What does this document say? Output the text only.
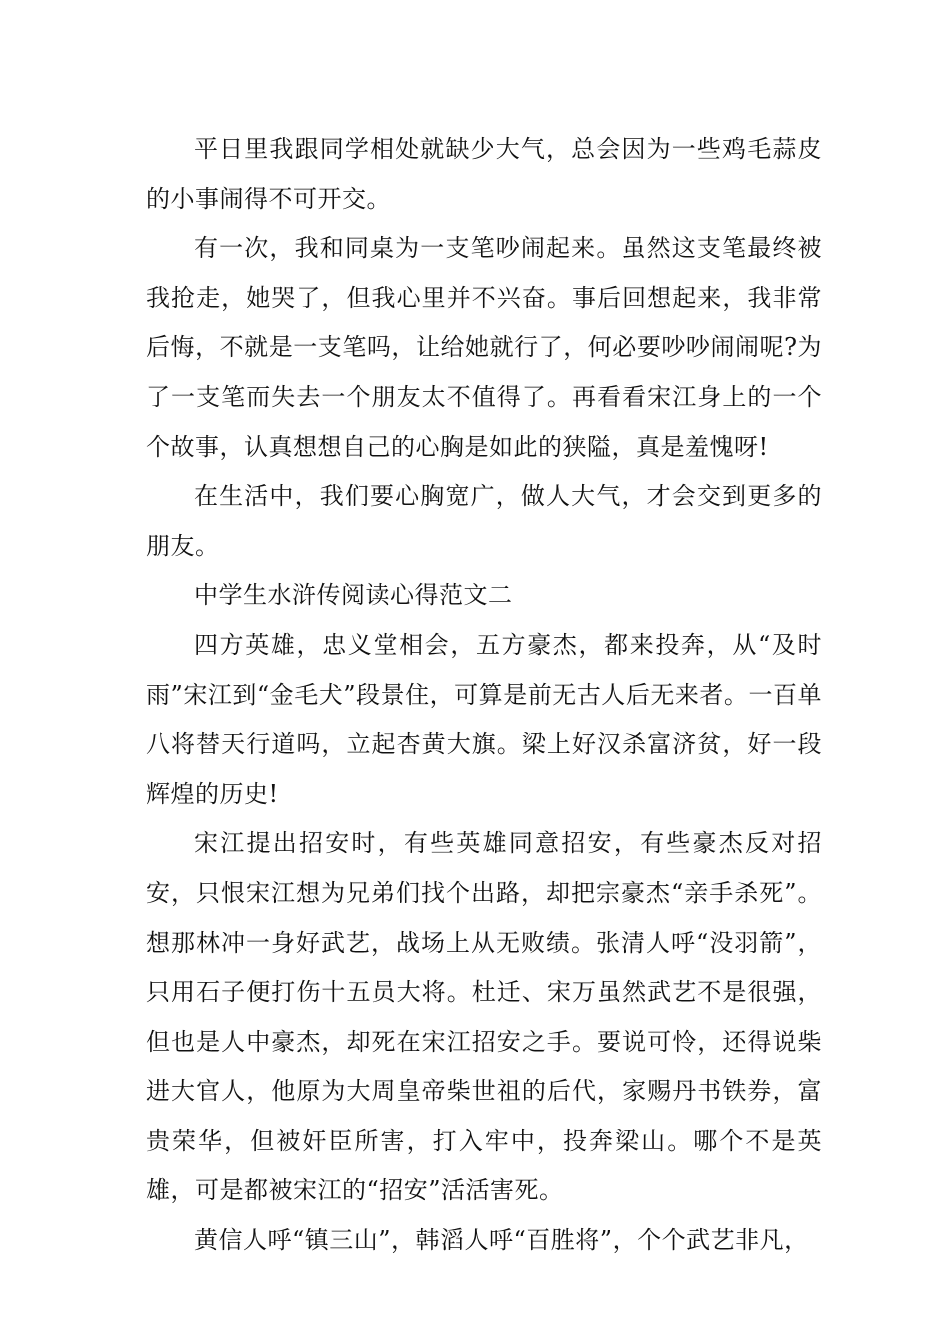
平日里我跟同学相处就缺少大气，总会因为一些鸡毛蒜皮的小事闹得不可开交。

有一次，我和同桌为一支笔吵闹起来。虽然这支笔最终被我抢走，她哭了，但我心里并不兴奋。事后回想起来，我非常后悔，不就是一支笔吗，让给她就行了，何必要吵吵闹闹呢?为了一支笔而失去一个朋友太不值得了。再看看宋江身上的一个个故事，认真想想自己的心胸是如此的狭隘，真是羞愧呀!

在生活中，我们要心胸宽广，做人大气，才会交到更多的朋友。

中学生水浒传阅读心得范文二

四方英雄，忠义堂相会，五方豪杰，都来投奔，从“及时雨”宋江到“金毛犬”段景住，可算是前无古人后无来者。一百单八将替天行道吗，立起杏黄大旗。梁上好汉杀富济贫，好一段辉煌的历史!

宋江提出招安时，有些英雄同意招安，有些豪杰反对招安，只恨宋江想为兄弟们找个出路，却把宗豪杰“亲手杀死”。想那林冲一身好武艺，战场上从无败绩。张清人呼“没羽箭”，只用石子便打伤十五员大将。杜迁、宋万虽然武艺不是很强，但也是人中豪杰，却死在宋江招安之手。要说可怜，还得说柴进大官人，他原为大周皇帝柴世祖的后代，家赐丹书铁券，富贵荣华，但被奸臣所害，打入牢中，投奔梁山。哪个不是英雄，可是都被宋江的“招安”活活害死。

黄信人呼“镇三山”，韩滔人呼“百胜将”，个个武艺非凡，
